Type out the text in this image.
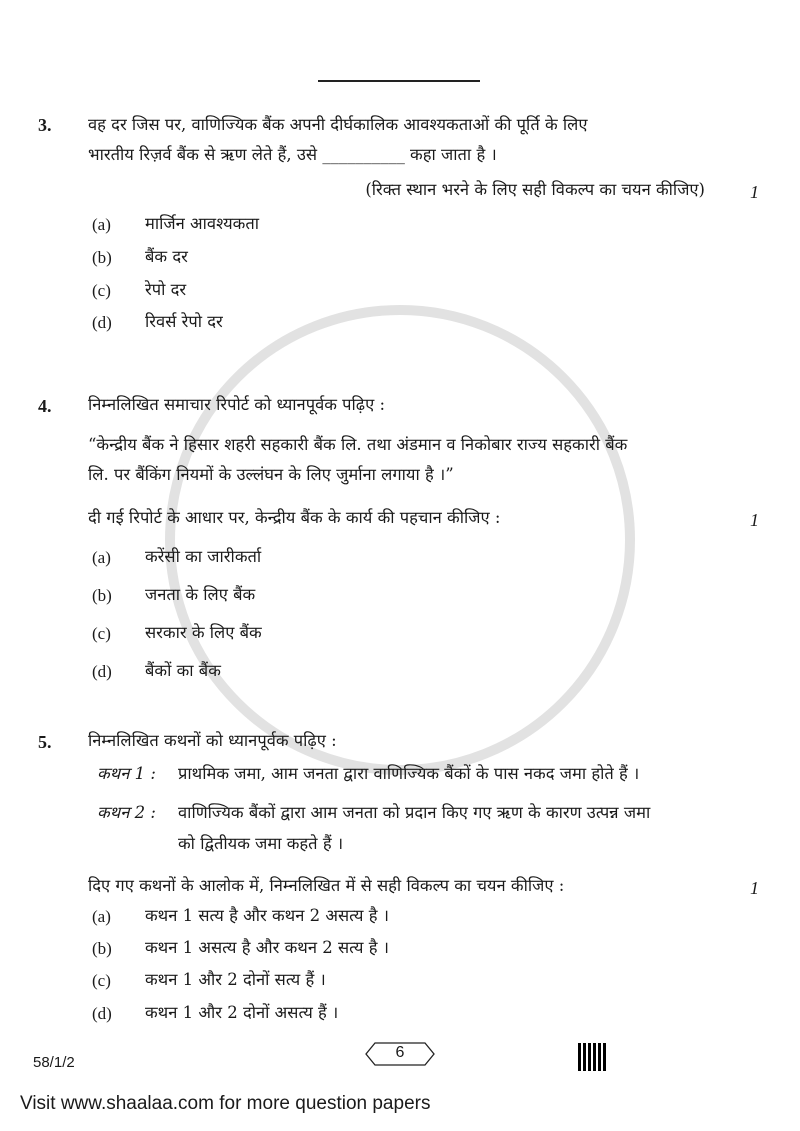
3. वह दर जिस पर, वाणिज्यिक बैंक अपनी दीर्घकालिक आवश्यकताओं की पूर्ति के लिए
भारतीय रिज़र्व बैंक से ऋण लेते हैं, उसे __________ कहा जाता है ।
(रिक्त स्थान भरने के लिए सही विकल्प का चयन कीजिए)	1
(a) मार्जिन आवश्यकता
(b) बैंक दर
(c) रेपो दर
(d) रिवर्स रेपो दर
4. निम्नलिखित समाचार रिपोर्ट को ध्यानपूर्वक पढ़िए :
“केन्द्रीय बैंक ने हिसार शहरी सहकारी बैंक लि. तथा अंडमान व निकोबार राज्य सहकारी बैंक
लि. पर बैंकिंग नियमों के उल्लंघन के लिए जुर्माना लगाया है ।”
दी गई रिपोर्ट के आधार पर, केन्द्रीय बैंक के कार्य की पहचान कीजिए :	1
(a) करेंसी का जारीकर्ता
(b) जनता के लिए बैंक
(c) सरकार के लिए बैंक
(d) बैंकों का बैंक
5. निम्नलिखित कथनों को ध्यानपूर्वक पढ़िए :
कथन 1 : प्राथमिक जमा, आम जनता द्वारा वाणिज्यिक बैंकों के पास नकद जमा होते हैं ।
कथन 2 : वाणिज्यिक बैंकों द्वारा आम जनता को प्रदान किए गए ऋण के कारण उत्पन्न जमा
को द्वितीयक जमा कहते हैं ।
दिए गए कथनों के आलोक में, निम्नलिखित में से सही विकल्प का चयन कीजिए :	1
(a) कथन 1 सत्य है और कथन 2 असत्य है ।
(b) कथन 1 असत्य है और कथन 2 सत्य है ।
(c) कथन 1 और 2 दोनों सत्य हैं ।
(d) कथन 1 और 2 दोनों असत्य हैं ।
58/1/2
6
Visit www.shaalaa.com for more question papers
